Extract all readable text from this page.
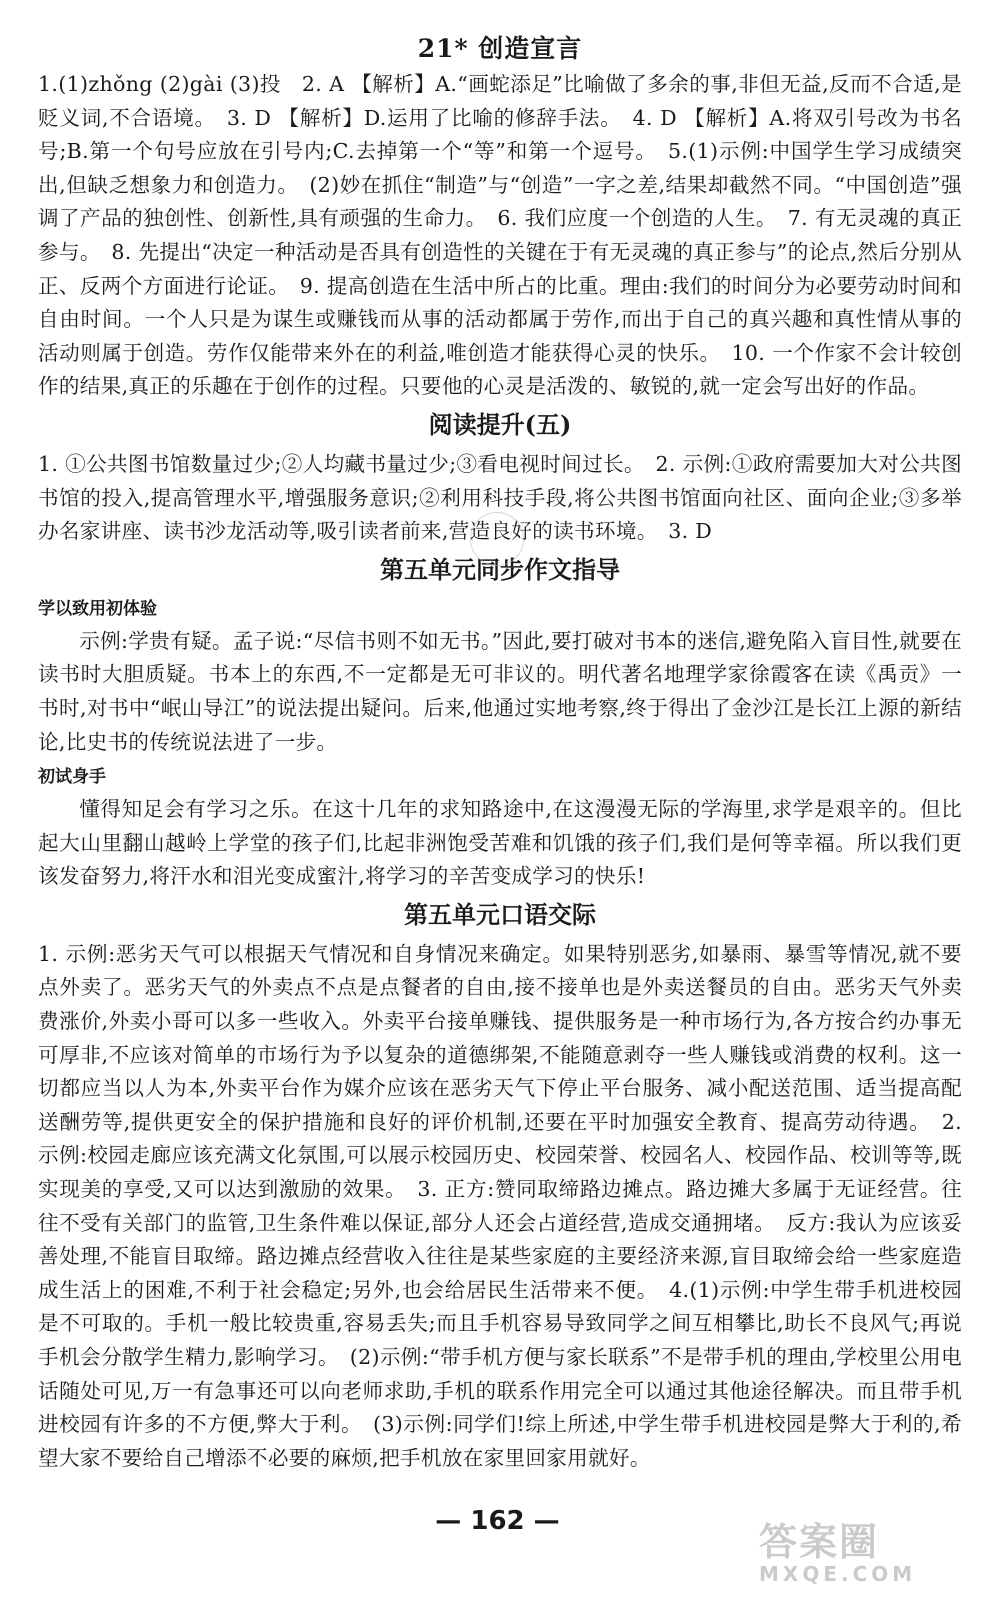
21* 创造宣言

1.(1)zhǒng (2)gài (3)投　2. A 【解析】A.“画蛇添足”比喻做了多余的事,非但无益,反而不合适,是贬义词,不合语境。　3. D 【解析】D.运用了比喻的修辞手法。　4. D 【解析】A.将双引号改为书名号;B.第一个句号应放在引号内;C.去掉第一个“等”和第一个逗号。　5.(1)示例:中国学生学习成绩突出,但缺乏想象力和创造力。　(2)妙在抓住“制造”与“创造”一字之差,结果却截然不同。“中国创造”强调了产品的独创性、创新性,具有顽强的生命力。　6. 我们应度一个创造的人生。　7. 有无灵魂的真正参与。　8. 先提出“决定一种活动是否具有创造性的关键在于有无灵魂的真正参与”的论点,然后分别从正、反两个方面进行论证。　9. 提高创造在生活中所占的比重。理由:我们的时间分为必要劳动时间和自由时间。一个人只是为谋生或赚钱而从事的活动都属于劳作,而出于自己的真兴趣和真性情从事的活动则属于创造。劳作仅能带来外在的利益,唯创造才能获得心灵的快乐。　10. 一个作家不会计较创作的结果,真正的乐趣在于创作的过程。只要他的心灵是活泼的、敏锐的,就一定会写出好的作品。

阅读提升(五)

1. ①公共图书馆数量过少;②人均藏书量过少;③看电视时间过长。　2. 示例:①政府需要加大对公共图书馆的投入,提高管理水平,增强服务意识;②利用科技手段,将公共图书馆面向社区、面向企业;③多举办名家讲座、读书沙龙活动等,吸引读者前来,营造良好的读书环境。　3. D

第五单元同步作文指导
学以致用初体验

示例:学贵有疑。孟子说:“尽信书则不如无书。”因此,要打破对书本的迷信,避免陷入盲目性,就要在读书时大胆质疑。书本上的东西,不一定都是无可非议的。明代著名地理学家徐霞客在读《禹贡》一书时,对书中“岷山导江”的说法提出疑问。后来,他通过实地考察,终于得出了金沙江是长江上源的新结论,比史书的传统说法进了一步。

初试身手

懂得知足会有学习之乐。在这十几年的求知路途中,在这漫漫无际的学海里,求学是艰辛的。但比起大山里翻山越岭上学堂的孩子们,比起非洲饱受苦难和饥饿的孩子们,我们是何等幸福。所以我们更该发奋努力,将汗水和泪光变成蜜汁,将学习的辛苦变成学习的快乐!

第五单元口语交际

1. 示例:恶劣天气可以根据天气情况和自身情况来确定。如果特别恶劣,如暴雨、暴雪等情况,就不要点外卖了。恶劣天气的外卖点不点是点餐者的自由,接不接单也是外卖送餐员的自由。恶劣天气外卖费涨价,外卖小哥可以多一些收入。外卖平台接单赚钱、提供服务是一种市场行为,各方按合约办事无可厚非,不应该对简单的市场行为予以复杂的道德绑架,不能随意剥夺一些人赚钱或消费的权利。这一切都应当以人为本,外卖平台作为媒介应该在恶劣天气下停止平台服务、减小配送范围、适当提高配送酬劳等,提供更安全的保护措施和良好的评价机制,还要在平时加强安全教育、提高劳动待遇。　2. 示例:校园走廊应该充满文化氛围,可以展示校园历史、校园荣誉、校园名人、校园作品、校训等等,既实现美的享受,又可以达到激励的效果。　3. 正方:赞同取缔路边摊点。路边摊大多属于无证经营。往往不受有关部门的监管,卫生条件难以保证,部分人还会占道经营,造成交通拥堵。　反方:我认为应该妥善处理,不能盲目取缔。路边摊点经营收入往往是某些家庭的主要经济来源,盲目取缔会给一些家庭造成生活上的困难,不利于社会稳定;另外,也会给居民生活带来不便。　4.(1)示例:中学生带手机进校园是不可取的。手机一般比较贵重,容易丢失;而且手机容易导致同学之间互相攀比,助长不良风气;再说手机会分散学生精力,影响学习。　(2)示例:“带手机方便与家长联系”不是带手机的理由,学校里公用电话随处可见,万一有急事还可以向老师求助,手机的联系作用完全可以通过其他途径解决。而且带手机进校园有许多的不方便,弊大于利。　(3)示例:同学们!综上所述,中学生带手机进校园是弊大于利的,希望大家不要给自己增添不必要的麻烦,把手机放在家里回家用就好。

— 162 —	答案圈
MXQE.COM
